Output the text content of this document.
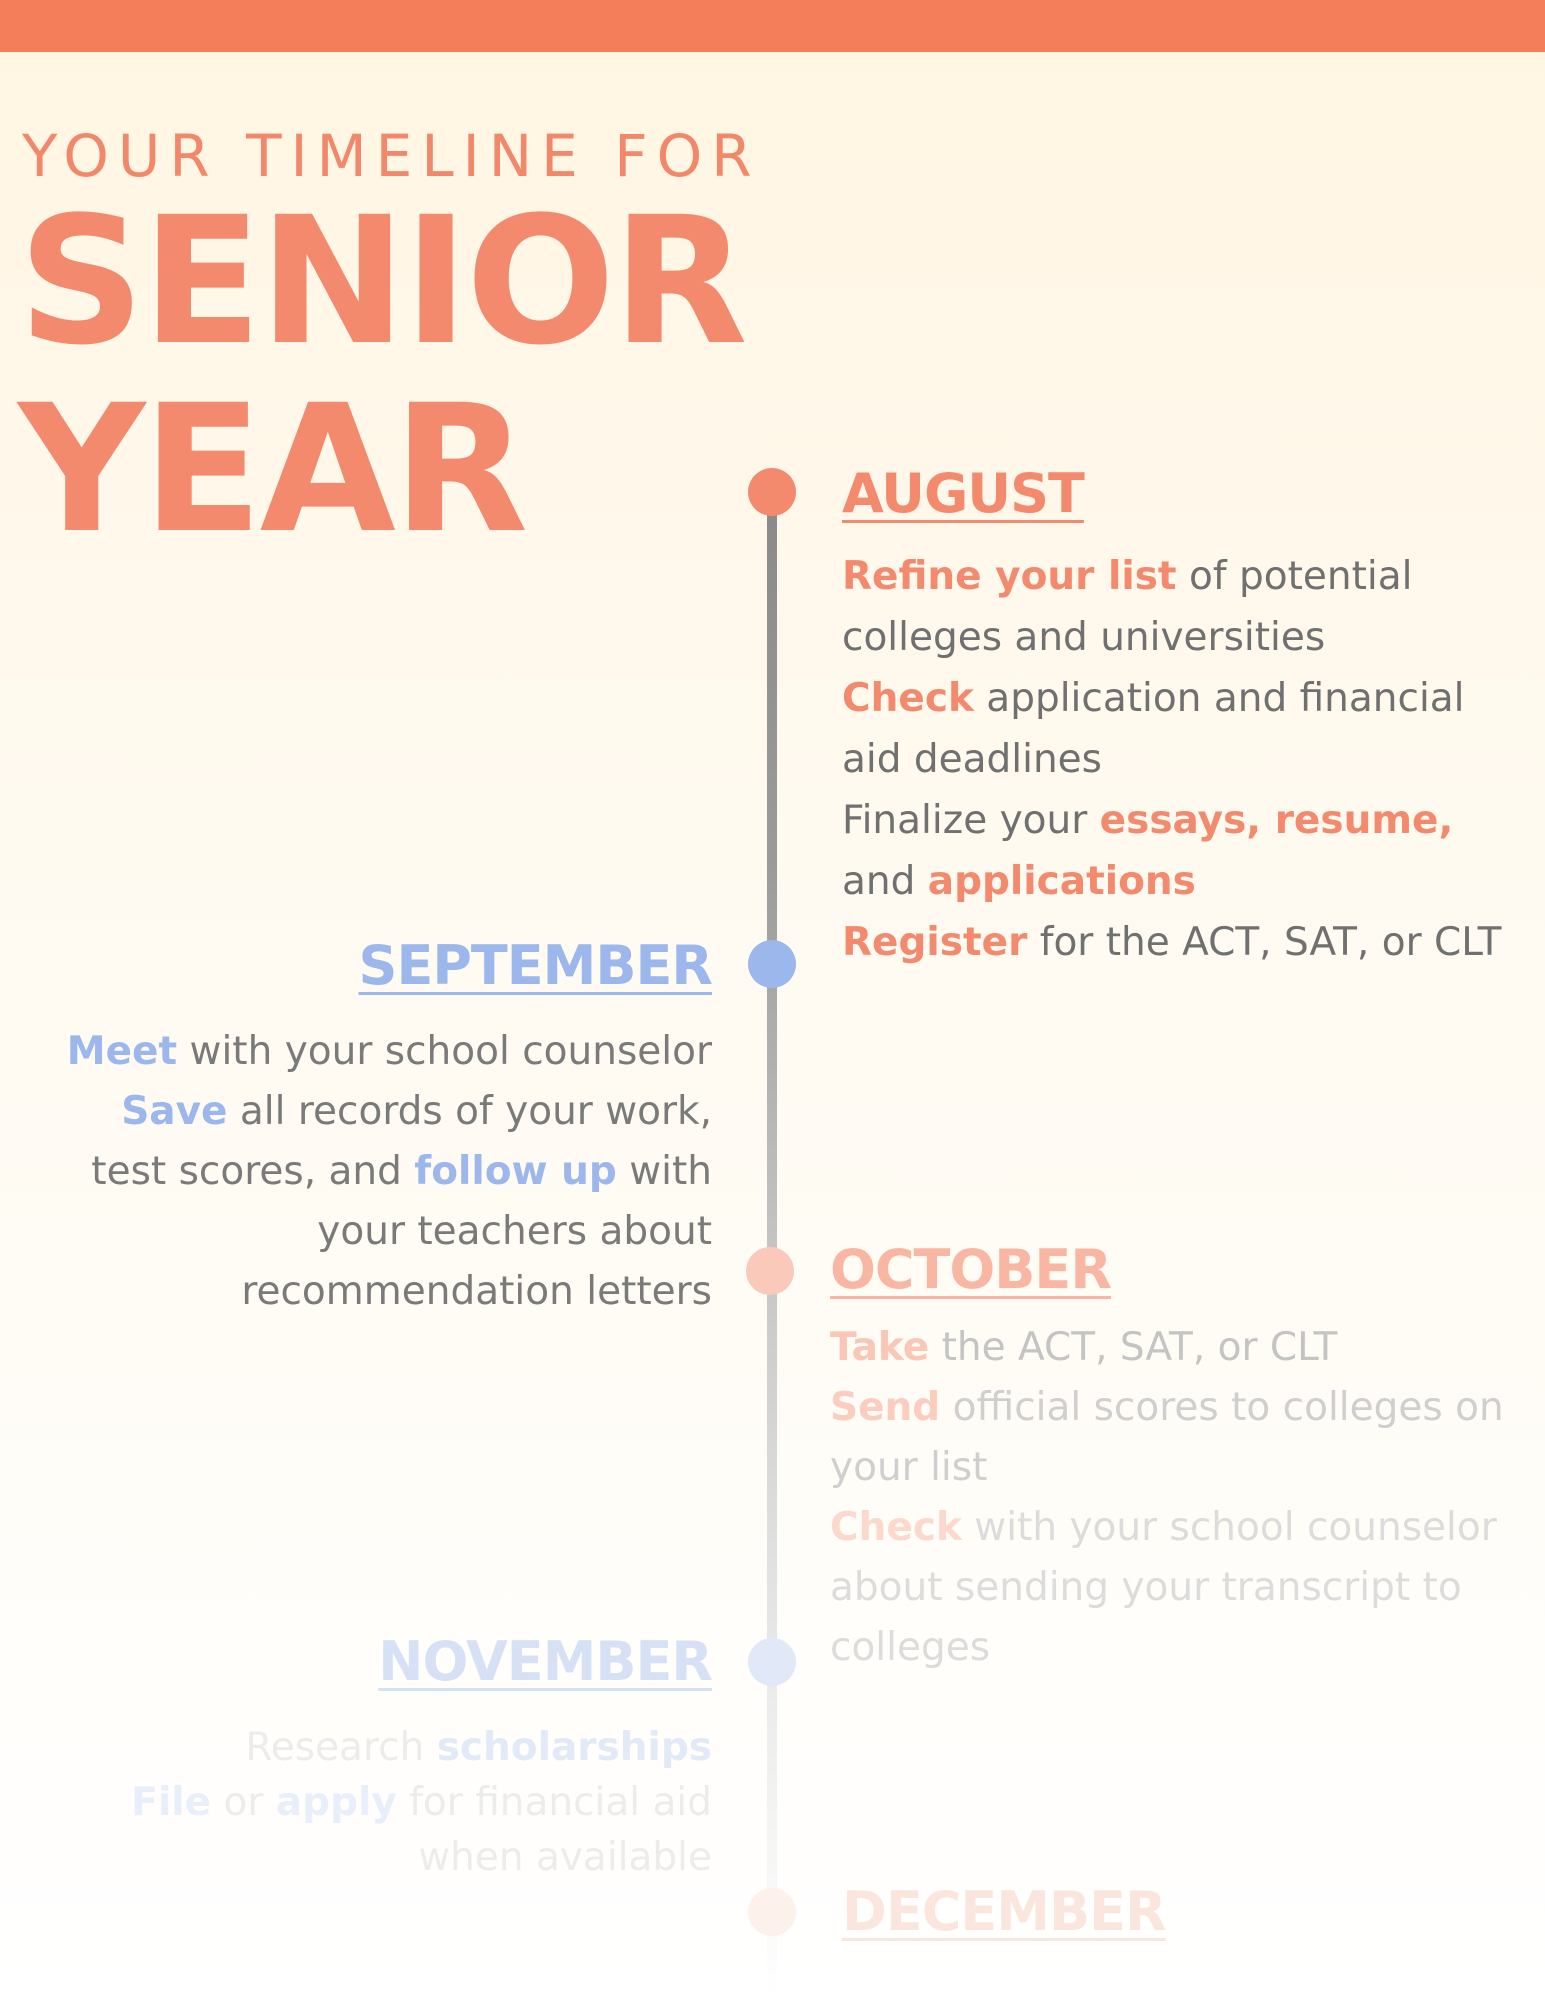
YOUR TIMELINE FOR

SENIOR
YEAR	AUGUST

Refine your list of potential colleges and universities

Check application and financial aid deadlines

Finalize your essays, resume, and applications

Register for the ACT, SAT, or CLT

SEPTEMBER

Meet with your school counselor

Save all records of your work, test scores, and follow up with your teachers about recommendation letters OCTOBER

Take the ACT, SAT, or CLT

Send official scores to colleges on your list

Check with your school counselor about sending your transcript to colleges

NOVEMBER

Research scholarships

File or apply for financial aid when available

DECEMBER
